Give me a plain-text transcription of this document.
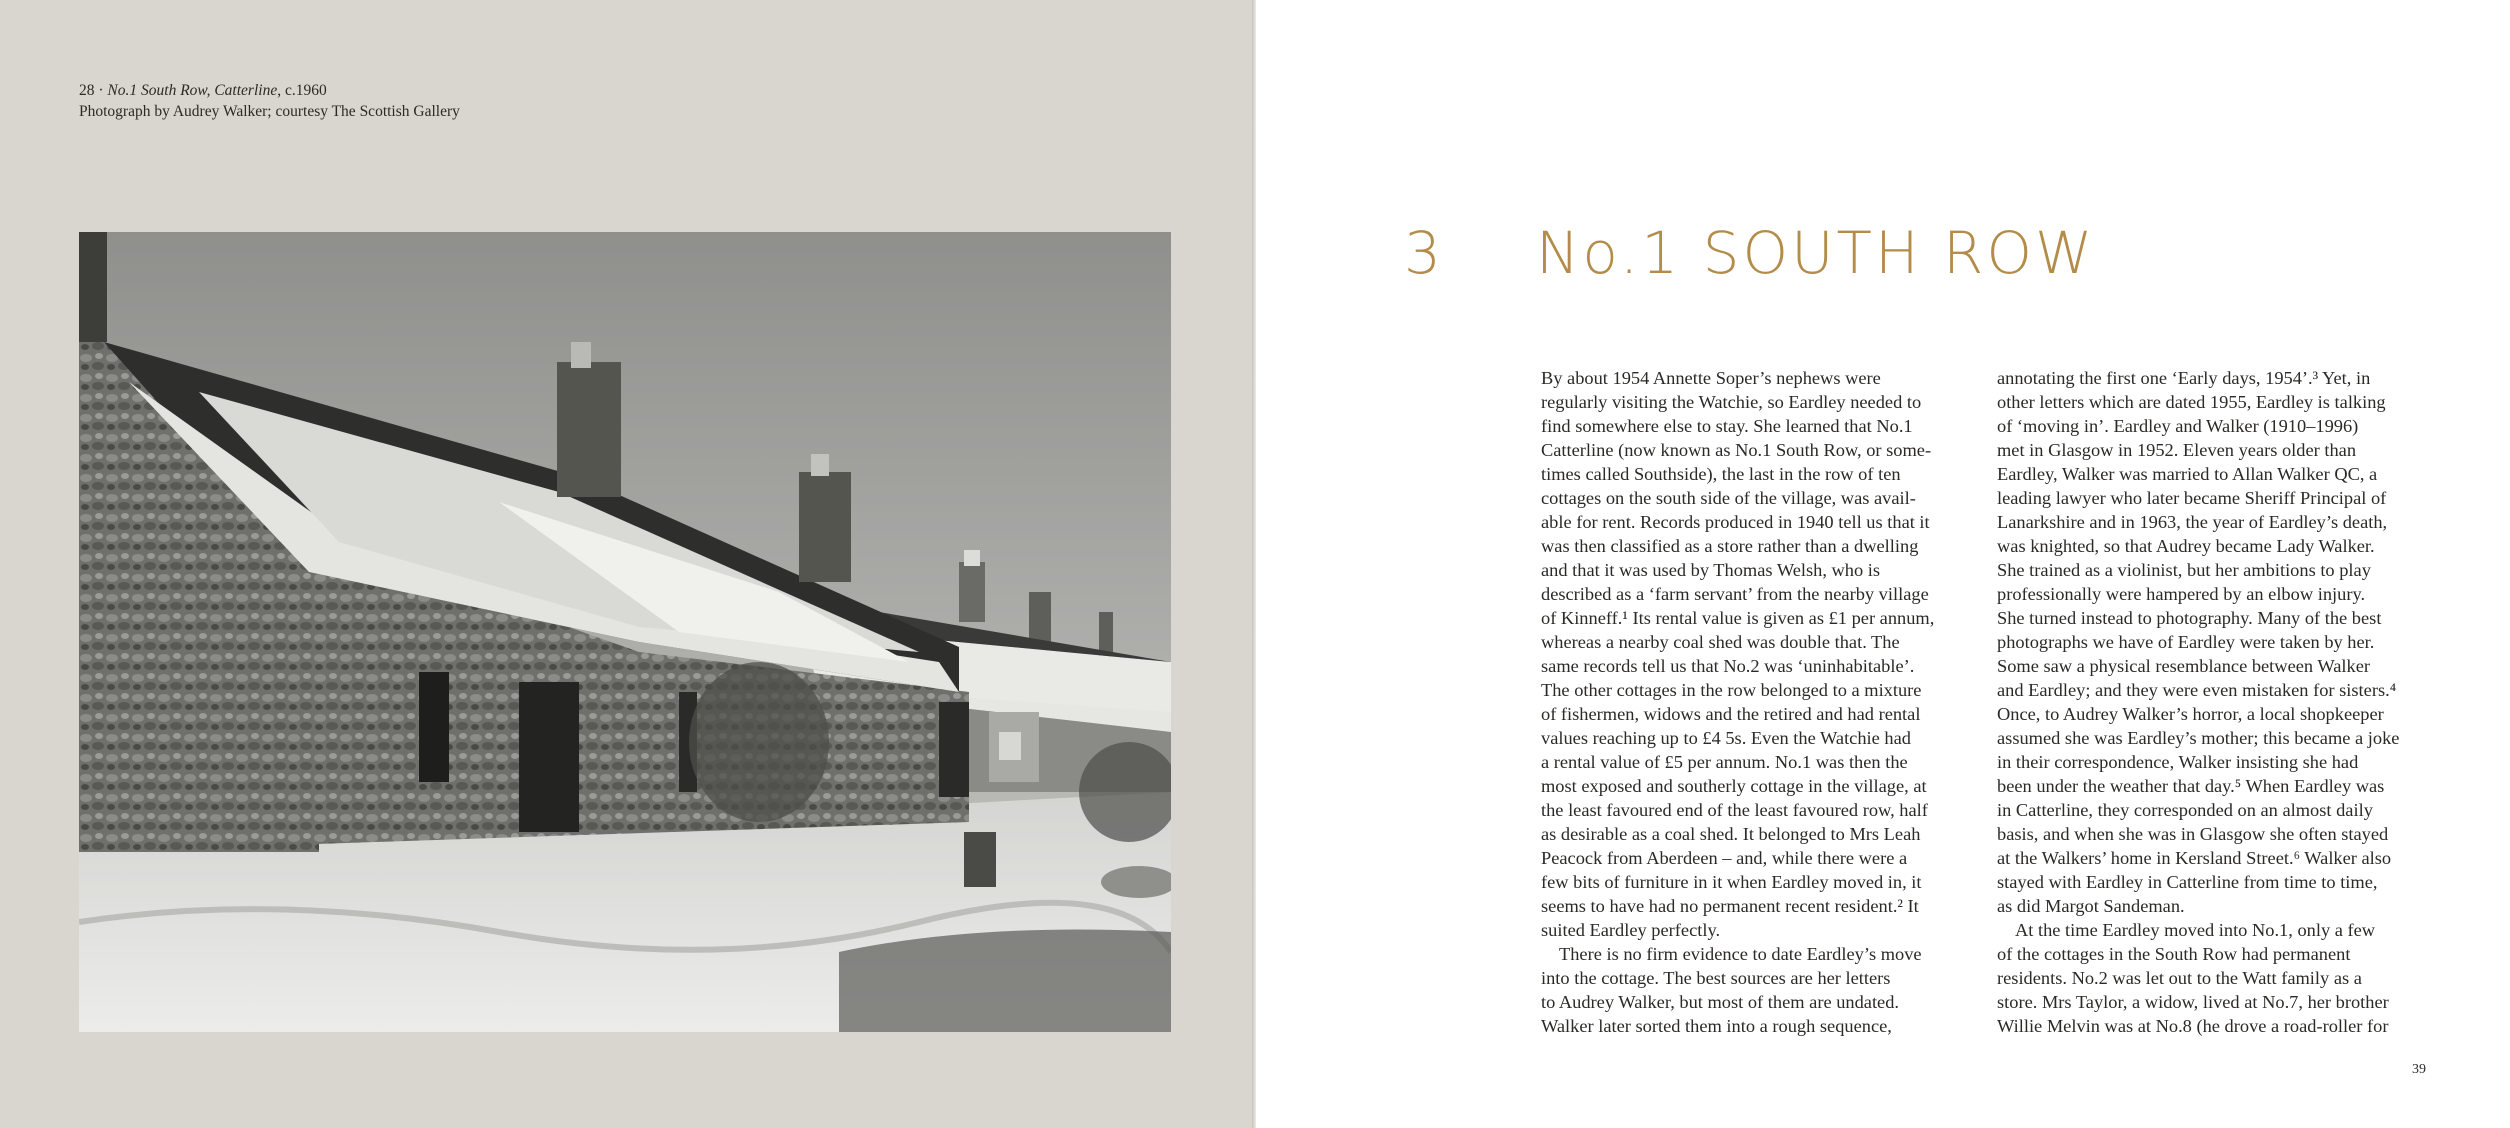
28 · No.1 South Row, Catterline, c.1960
Photograph by Audrey Walker; courtesy The Scottish Gallery
3 No.1 SOUTH ROW
By about 1954 Annette Soper’s nephews were
regularly visiting the Watchie, so Eardley needed to
find somewhere else to stay. She learned that No.1
Catterline (now known as No.1 South Row, or some-
times called Southside), the last in the row of ten
cottages on the south side of the village, was avail-
able for rent. Records produced in 1940 tell us that it
was then classified as a store rather than a dwelling
and that it was used by Thomas Welsh, who is
described as a ‘farm servant’ from the nearby village
of Kinneff.¹ Its rental value is given as £1 per annum,
whereas a nearby coal shed was double that. The
same records tell us that No.2 was ‘uninhabitable’.
The other cottages in the row belonged to a mixture
of fishermen, widows and the retired and had rental
values reaching up to £4 5s. Even the Watchie had
a rental value of £5 per annum. No.1 was then the
most exposed and southerly cottage in the village, at
the least favoured end of the least favoured row, half
as desirable as a coal shed. It belonged to Mrs Leah
Peacock from Aberdeen – and, while there were a
few bits of furniture in it when Eardley moved in, it
seems to have had no permanent recent resident.² It
suited Eardley perfectly.
There is no firm evidence to date Eardley’s move
into the cottage. The best sources are her letters
to Audrey Walker, but most of them are undated.
Walker later sorted them into a rough sequence,
annotating the first one ‘Early days, 1954’.³ Yet, in
other letters which are dated 1955, Eardley is talking
of ‘moving in’. Eardley and Walker (1910–1996)
met in Glasgow in 1952. Eleven years older than
Eardley, Walker was married to Allan Walker QC, a
leading lawyer who later became Sheriff Principal of
Lanarkshire and in 1963, the year of Eardley’s death,
was knighted, so that Audrey became Lady Walker.
She trained as a violinist, but her ambitions to play
professionally were hampered by an elbow injury.
She turned instead to photography. Many of the best
photographs we have of Eardley were taken by her.
Some saw a physical resemblance between Walker
and Eardley; and they were even mistaken for sisters.⁴
Once, to Audrey Walker’s horror, a local shopkeeper
assumed she was Eardley’s mother; this became a joke
in their correspondence, Walker insisting she had
been under the weather that day.⁵ When Eardley was
in Catterline, they corresponded on an almost daily
basis, and when she was in Glasgow she often stayed
at the Walkers’ home in Kersland Street.⁶ Walker also
stayed with Eardley in Catterline from time to time,
as did Margot Sandeman.
At the time Eardley moved into No.1, only a few
of the cottages in the South Row had permanent
residents. No.2 was let out to the Watt family as a
store. Mrs Taylor, a widow, lived at No.7, her brother
Willie Melvin was at No.8 (he drove a road-roller for
39
